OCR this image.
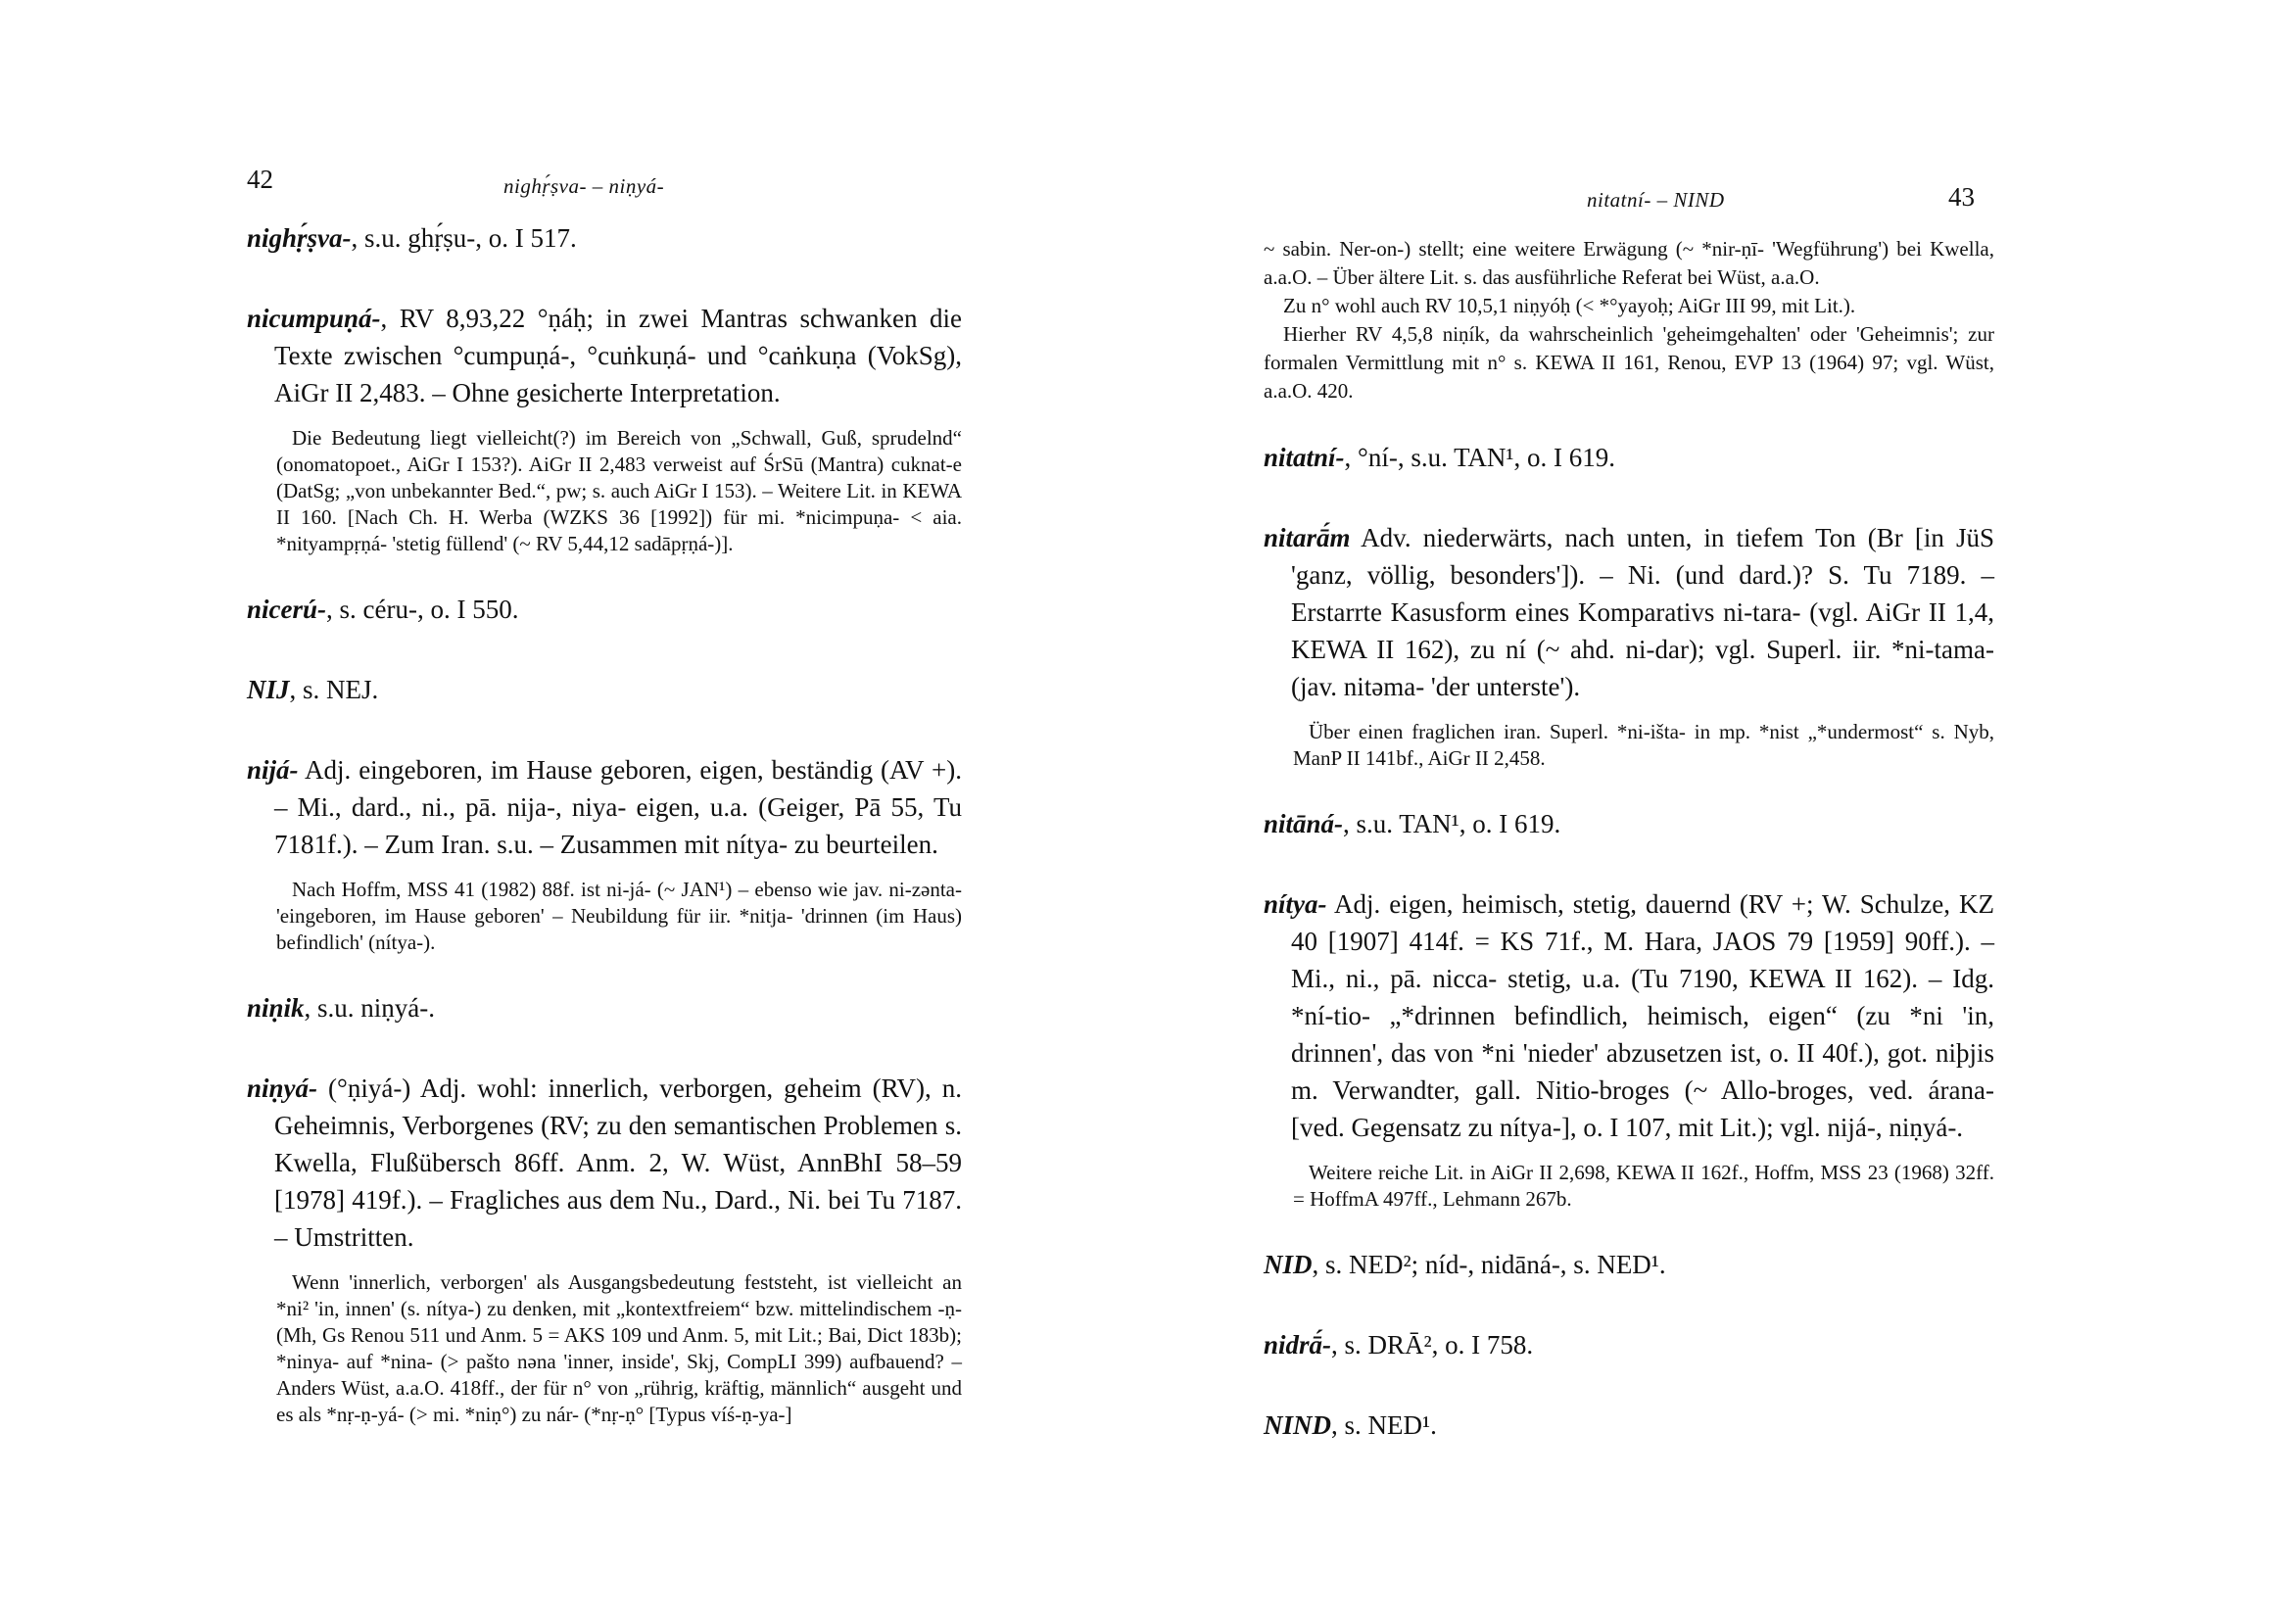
42	nighṛ́ṣva- – niṇyá-
nighṛ́ṣva-, s.u. ghṛ́ṣu-, o. I 517.
nicumpuṇá-, RV 8,93,22 °ṇáḥ; in zwei Mantras schwanken die Texte zwischen °cumpuṇá-, °cuṅkuṇá- und °caṅkuṇa (VokSg), AiGr II 2,483. – Ohne gesicherte Interpretation.

Die Bedeutung liegt vielleicht(?) im Bereich von „Schwall, Guß, sprudelnd“ (onomatopoet., AiGr I 153?). AiGr II 2,483 verweist auf ŚrSū (Mantra) cuknat-e (DatSg; „von unbekannter Bed.“, pw; s. auch AiGr I 153). – Weitere Lit. in KEWA II 160. [Nach Ch. H. Werba (WZKS 36 [1992]) für mi. *nicimpuṇa- < aia. *nityampṛṇá- 'stetig füllend' (~ RV 5,44,12 sadāpṛṇá-)].

nicerú-, s. céru-, o. I 550.
NIJ, s. NEJ.
nijá- Adj. eingeboren, im Hause geboren, eigen, beständig (AV +). – Mi., dard., ni., pā. nija-, niya- eigen, u.a. (Geiger, Pā 55, Tu 7181f.). – Zum Iran. s.u. – Zusammen mit nítya- zu beurteilen.

Nach Hoffm, MSS 41 (1982) 88f. ist ni-já- (~ JAN¹) – ebenso wie jav. ni-zənta- 'eingeboren, im Hause geboren' – Neubildung für iir. *nitja- 'drinnen (im Haus) befindlich' (nítya-).

niṇik, s.u. niṇyá-.
niṇyá- (°ṇiyá-) Adj. wohl: innerlich, verborgen, geheim (RV), n. Geheimnis, Verborgenes (RV; zu den semantischen Problemen s. Kwella, Flußübersch 86ff. Anm. 2, W. Wüst, AnnBhI 58–59 [1978] 419f.). – Fragliches aus dem Nu., Dard., Ni. bei Tu 7187. – Umstritten.

Wenn 'innerlich, verborgen' als Ausgangsbedeutung feststeht, ist vielleicht an *ni² 'in, innen' (s. nítya-) zu denken, mit „kontextfreiem“ bzw. mittelindischem -ṇ- (Mh, Gs Renou 511 und Anm. 5 = AKS 109 und Anm. 5, mit Lit.; Bai, Dict 183b); *ninya- auf *nina- (> pašto nəna 'inner, inside', Skj, CompLI 399) aufbauend? – Anders Wüst, a.a.O. 418ff., der für n° von „rührig, kräftig, männlich“ ausgeht und es als *nṛ-ṇ-yá- (> mi. *niṇ°) zu nár- (*nṛ-ṇ° [Typus víś-ṇ-ya-]

nitatní- – NIND	43

~ sabin. Ner-on-) stellt; eine weitere Erwägung (~ *nir-ṇī- 'Wegführung') bei Kwella, a.a.O. – Über ältere Lit. s. das ausführliche Referat bei Wüst, a.a.O.

Zu n° wohl auch RV 10,5,1 niṇyóḥ (< *°yayoḥ; AiGr III 99, mit Lit.).

Hierher RV 4,5,8 niṇík, da wahrscheinlich 'geheimgehalten' oder 'Geheimnis'; zur formalen Vermittlung mit n° s. KEWA II 161, Renou, EVP 13 (1964) 97; vgl. Wüst, a.a.O. 420.

nitatní-, °ní-, s.u. TAN¹, o. I 619.
nitarā́m Adv. niederwärts, nach unten, in tiefem Ton (Br [in JüS 'ganz, völlig, besonders']). – Ni. (und dard.)? S. Tu 7189. – Erstarrte Kasusform eines Komparativs ni-tara- (vgl. AiGr II 1,4, KEWA II 162), zu ní (~ ahd. ni-dar); vgl. Superl. iir. *ni-tama- (jav. nitəma- 'der unterste').

Über einen fraglichen iran. Superl. *ni-išta- in mp. *nist „*undermost“ s. Nyb, ManP II 141bf., AiGr II 2,458.

nitāná-, s.u. TAN¹, o. I 619.
nítya- Adj. eigen, heimisch, stetig, dauernd (RV +; W. Schulze, KZ 40 [1907] 414f. = KS 71f., M. Hara, JAOS 79 [1959] 90ff.). – Mi., ni., pā. nicca- stetig, u.a. (Tu 7190, KEWA II 162). – Idg. *ní-tio- „*drinnen befindlich, heimisch, eigen“ (zu *ni 'in, drinnen', das von *ni 'nieder' abzusetzen ist, o. II 40f.), got. niþjis m. Verwandter, gall. Nitio-broges (~ Allo-broges, ved. árana- [ved. Gegensatz zu nítya-], o. I 107, mit Lit.); vgl. nijá-, niṇyá-.

Weitere reiche Lit. in AiGr II 2,698, KEWA II 162f., Hoffm, MSS 23 (1968) 32ff. = HoffmA 497ff., Lehmann 267b.

NID, s. NED²; níd-, nidāná-, s. NED¹.
nidrā́-, s. DRĀ², o. I 758.
NIND, s. NED¹.
